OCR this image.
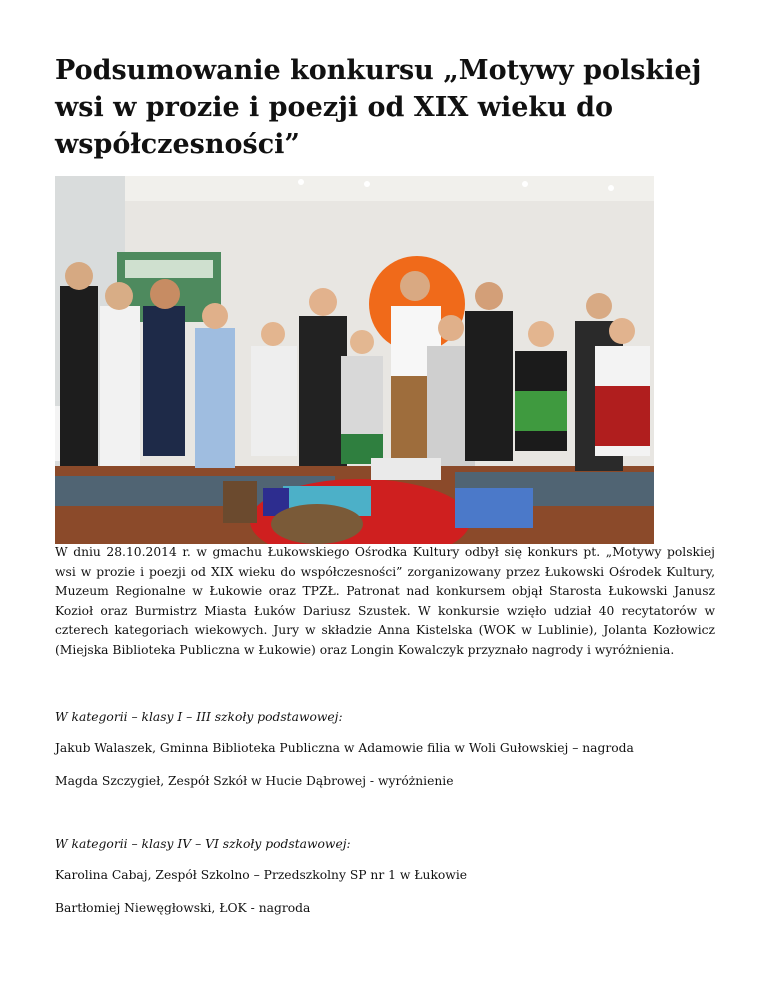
Podsumowanie konkursu „Motywy polskiej wsi w prozie i poezji od XIX wieku do współczesności”

W dniu 28.10.2014 r. w gmachu Łukowskiego Ośrodka Kultury odbył się konkurs pt. „Motywy polskiej wsi w prozie i poezji od XIX wieku do współczesności” zorganizowany przez Łukowski Ośrodek Kultury, Muzeum Regionalne w Łukowie oraz TPZŁ. Patronat nad konkursem objął Starosta Łukowski Janusz Kozioł oraz Burmistrz Miasta Łuków Dariusz Szustek. W konkursie wzięło udział 40 recytatorów w czterech kategoriach wiekowych. Jury w składzie Anna Kistelska (WOK w Lublinie), Jolanta Kozłowicz (Miejska Biblioteka Publiczna w Łukowie) oraz Longin Kowalczyk przyznało nagrody i wyróżnienia.

W kategorii – klasy I – III szkoły podstawowej:

Jakub Walaszek, Gminna Biblioteka Publiczna w Adamowie filia w Woli Gułowskiej – nagroda

Magda Szczygieł, Zespół Szkół w Hucie Dąbrowej - wyróżnienie

W kategorii – klasy IV – VI szkoły podstawowej:

Karolina Cabaj, Zespół Szkolno – Przedszkolny SP nr 1 w Łukowie

Bartłomiej Niewęgłowski, ŁOK - nagroda
